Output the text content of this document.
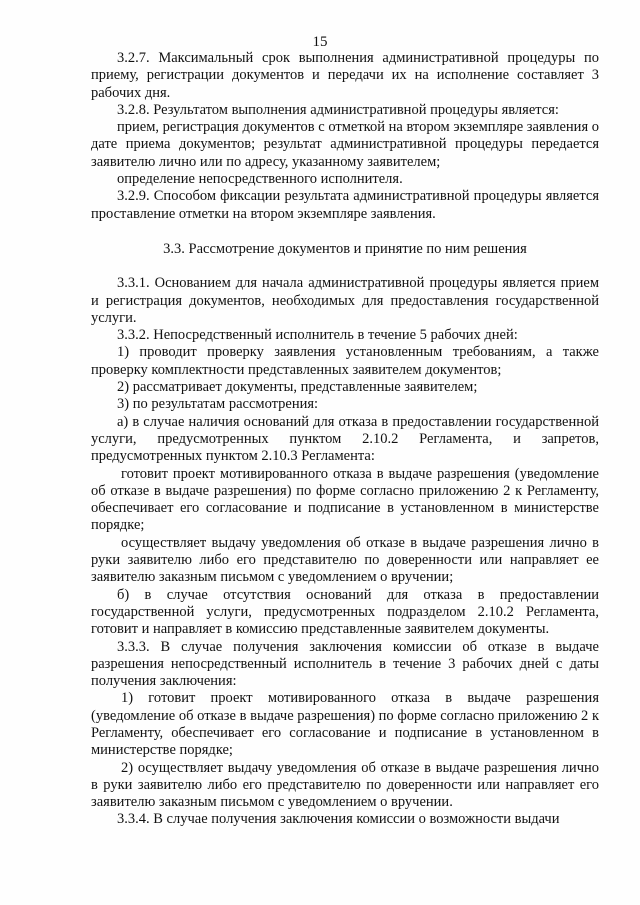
15

3.2.7. Максимальный срок выполнения административной процедуры по приему, регистрации документов и передачи их на исполнение составляет 3 рабочих дня.

3.2.8. Результатом выполнения административной процедуры является:

прием, регистрация документов с отметкой на втором экземпляре заявления о дате приема документов; результат административной процедуры передается заявителю лично или по адресу, указанному заявителем;

определение непосредственного исполнителя.

3.2.9. Способом фиксации результата административной процедуры является проставление отметки на втором экземпляре заявления.

3.3. Рассмотрение документов и принятие по ним решения

3.3.1. Основанием для начала административной процедуры является прием и регистрация документов, необходимых для предоставления государственной услуги.

3.3.2. Непосредственный исполнитель в течение 5 рабочих дней:

1) проводит проверку заявления установленным требованиям, а также проверку комплектности представленных заявителем документов;

2) рассматривает документы, представленные заявителем;

3) по результатам рассмотрения:

а) в случае наличия оснований для отказа в предоставлении государственной услуги, предусмотренных пунктом 2.10.2 Регламента, и запретов, предусмотренных пунктом 2.10.3 Регламента:

готовит проект мотивированного отказа в выдаче разрешения (уведомление об отказе в выдаче разрешения) по форме согласно приложению 2 к Регламенту, обеспечивает его согласование и подписание в установленном в министерстве порядке;

осуществляет выдачу уведомления об отказе в выдаче разрешения лично в руки заявителю либо его представителю по доверенности или направляет ее заявителю заказным письмом с уведомлением о вручении;

б) в случае отсутствия оснований для отказа в предоставлении государственной услуги, предусмотренных подразделом 2.10.2 Регламента, готовит и направляет в комиссию представленные заявителем документы.

3.3.3. В случае получения заключения комиссии об отказе в выдаче разрешения непосредственный исполнитель в течение 3 рабочих дней с даты получения заключения:

1) готовит проект мотивированного отказа в выдаче разрешения (уведомление об отказе в выдаче разрешения) по форме согласно приложению 2 к Регламенту, обеспечивает его согласование и подписание в установленном в министерстве порядке;

2) осуществляет выдачу уведомления об отказе в выдаче разрешения лично в руки заявителю либо его представителю по доверенности или направляет его заявителю заказным письмом с уведомлением о вручении.

3.3.4. В случае получения заключения комиссии о возможности выдачи
